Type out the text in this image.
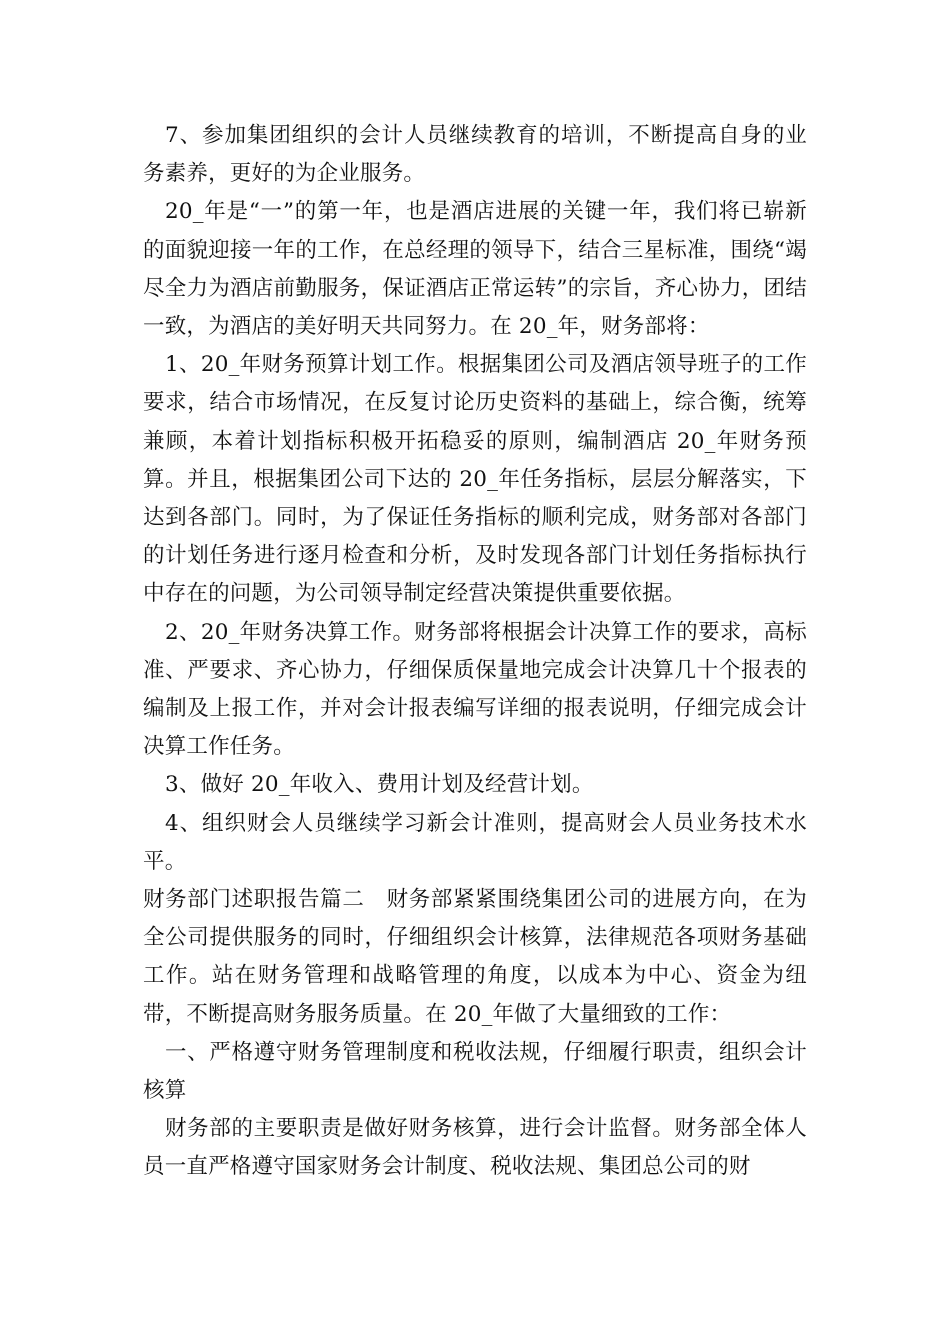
7、参加集团组织的会计人员继续教育的培训，不断提高自身的业务素养，更好的为企业服务。

20_年是“一”的第一年，也是酒店进展的关键一年，我们将已崭新的面貌迎接一年的工作，在总经理的领导下，结合三星标准，围绕“竭尽全力为酒店前勤服务，保证酒店正常运转”的宗旨，齐心协力，团结一致，为酒店的美好明天共同努力。在 20_年，财务部将：

1、20_年财务预算计划工作。根据集团公司及酒店领导班子的工作要求，结合市场情况，在反复讨论历史资料的基础上，综合衡，统筹兼顾，本着计划指标积极开拓稳妥的原则，编制酒店 20_年财务预算。并且，根据集团公司下达的 20_年任务指标，层层分解落实，下达到各部门。同时，为了保证任务指标的顺利完成，财务部对各部门的计划任务进行逐月检查和分析，及时发现各部门计划任务指标执行中存在的问题，为公司领导制定经营决策提供重要依据。

2、20_年财务决算工作。财务部将根据会计决算工作的要求，高标准、严要求、齐心协力，仔细保质保量地完成会计决算几十个报表的编制及上报工作，并对会计报表编写详细的报表说明，仔细完成会计决算工作任务。

3、做好 20_年收入、费用计划及经营计划。

4、组织财会人员继续学习新会计准则，提高财会人员业务技术水平。

财务部门述职报告篇二　财务部紧紧围绕集团公司的进展方向，在为全公司提供服务的同时，仔细组织会计核算，法律规范各项财务基础工作。站在财务管理和战略管理的角度，以成本为中心、资金为纽带，不断提高财务服务质量。在 20_年做了大量细致的工作：

一、严格遵守财务管理制度和税收法规，仔细履行职责，组织会计核算

财务部的主要职责是做好财务核算，进行会计监督。财务部全体人员一直严格遵守国家财务会计制度、税收法规、集团总公司的财
